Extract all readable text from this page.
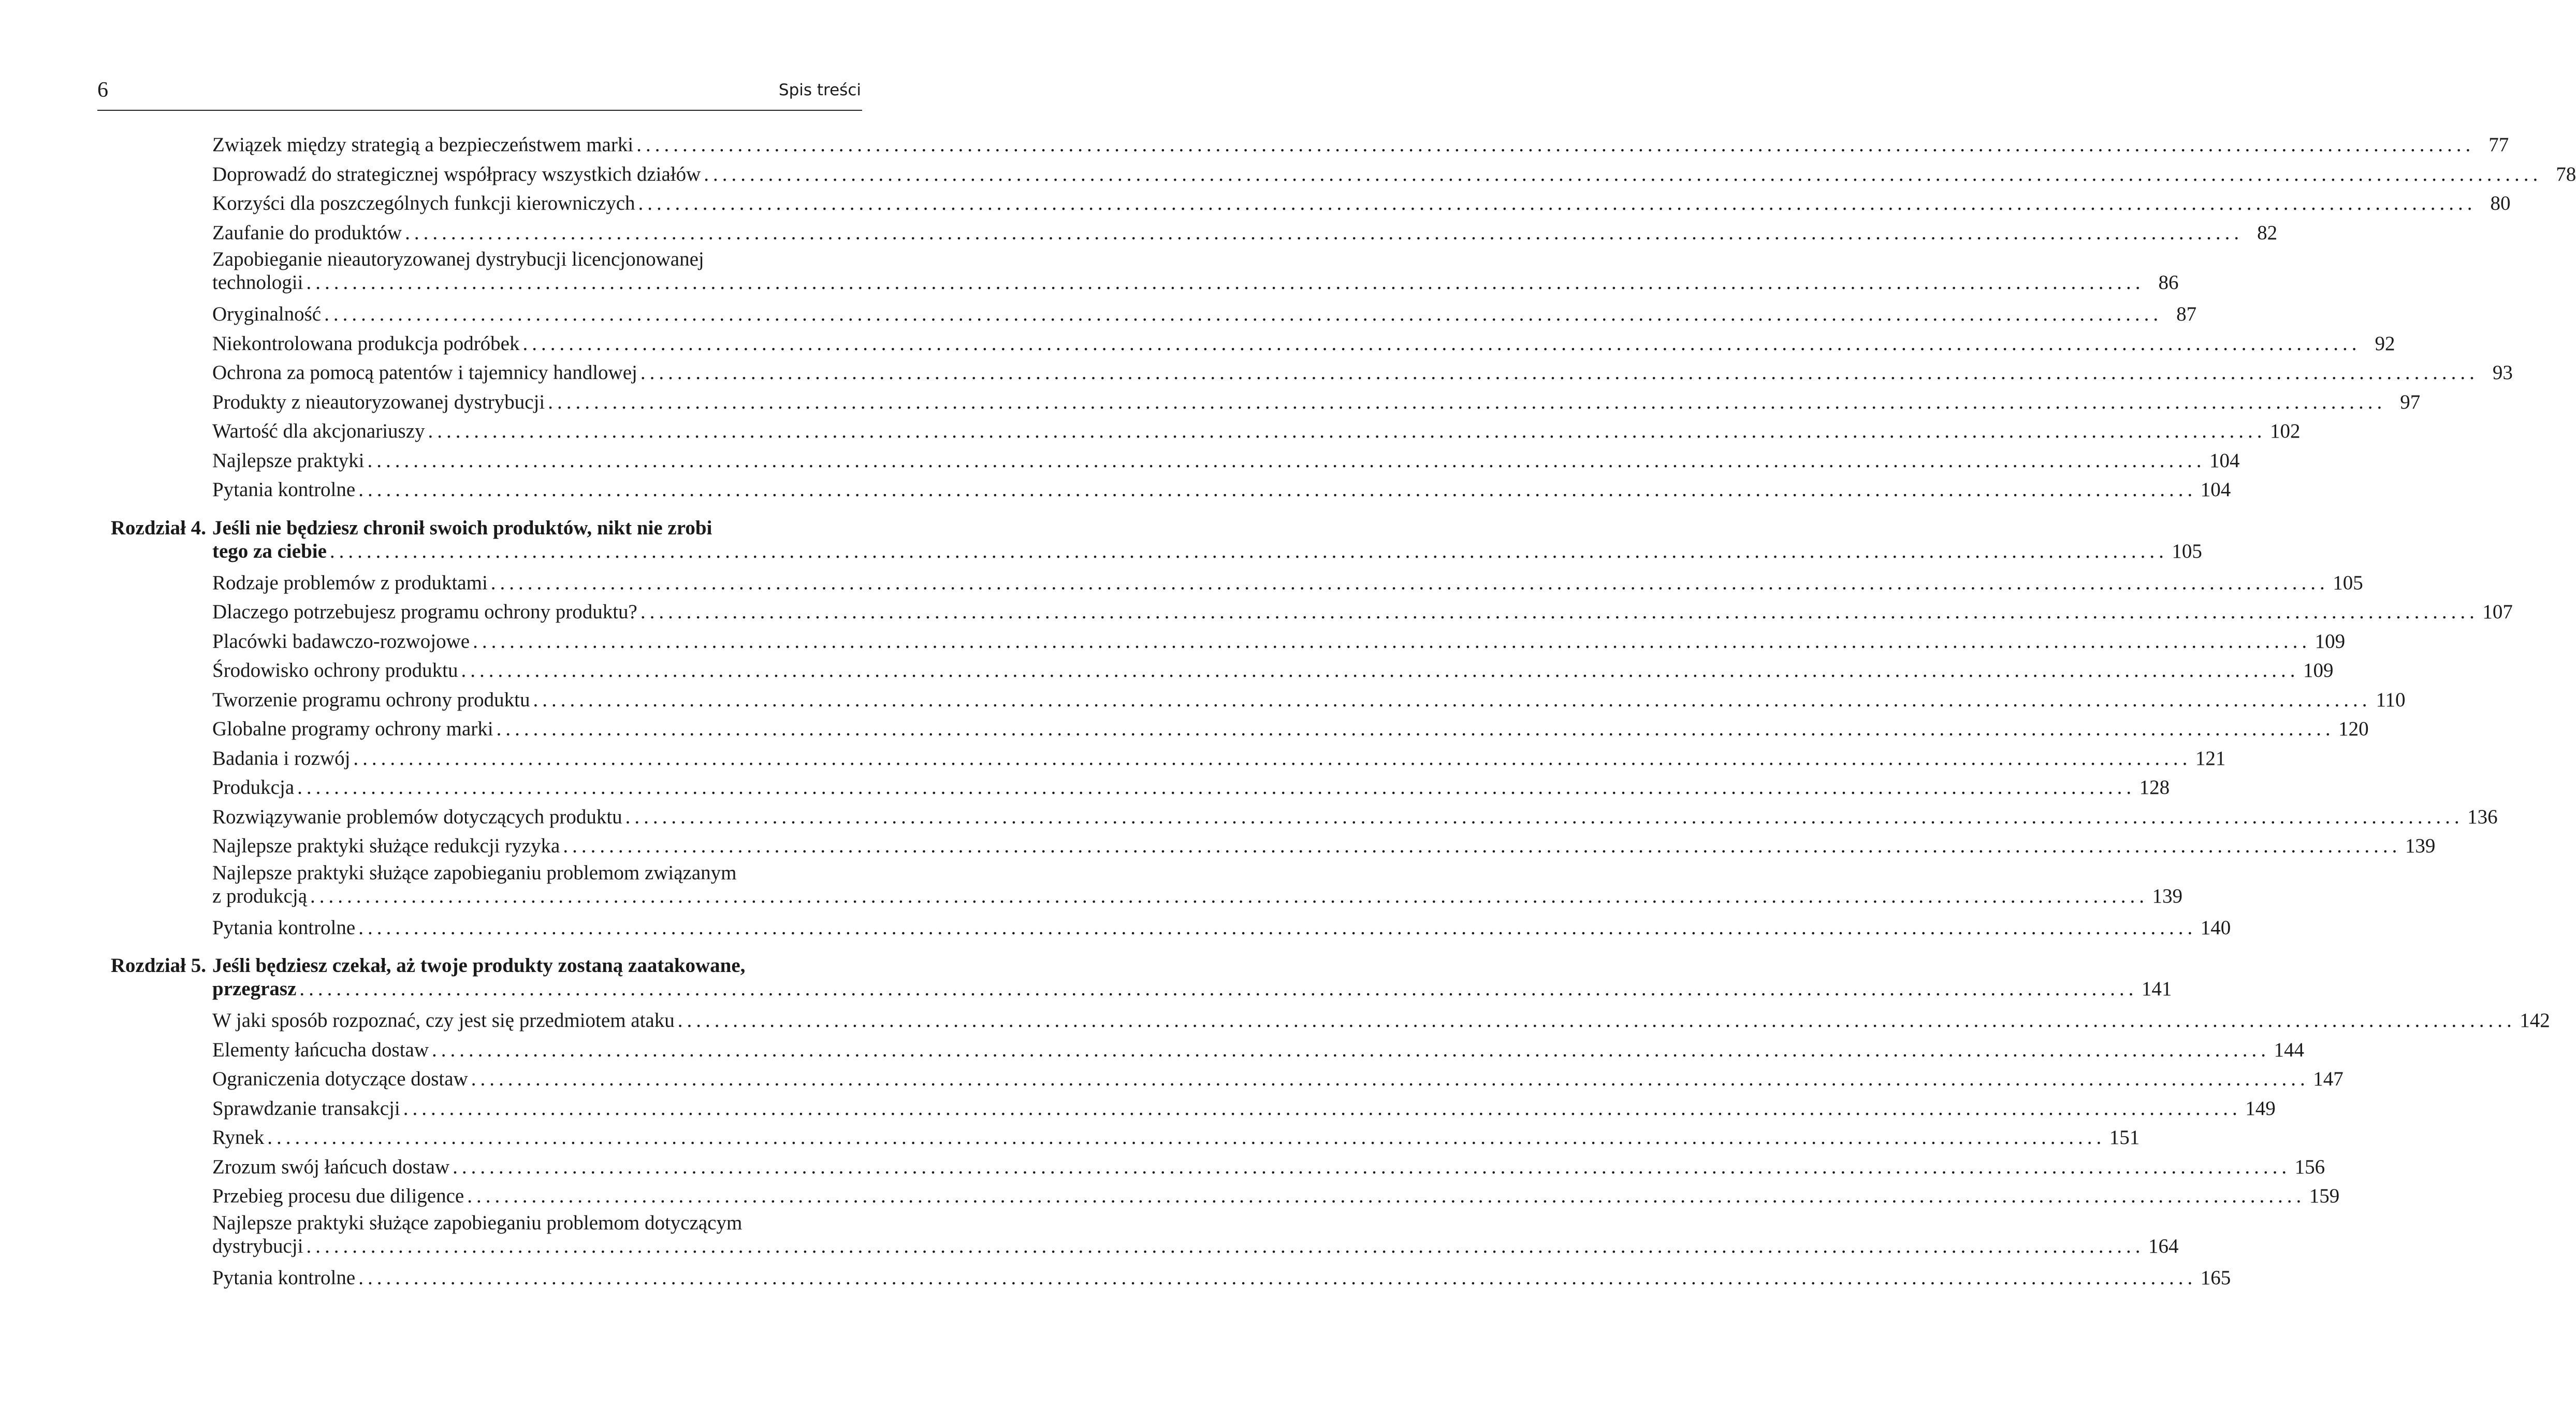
6	Spis treści
Związek między strategią a bezpieczeństwem marki ........................................................................................................................................................................................................ 77
Doprowadź do strategicznej współpracy wszystkich działów ........................................................................................................................................................................................................ 78
Korzyści dla poszczególnych funkcji kierowniczych ........................................................................................................................................................................................................ 80
Zaufanie do produktów ........................................................................................................................................................................................................ 82
Zapobieganie nieautoryzowanej dystrybucji licencjonowanej
technologii ........................................................................................................................................................................................................ 86
Oryginalność ........................................................................................................................................................................................................ 87
Niekontrolowana produkcja podróbek ........................................................................................................................................................................................................ 92
Ochrona za pomocą patentów i tajemnicy handlowej ........................................................................................................................................................................................................ 93
Produkty z nieautoryzowanej dystrybucji ........................................................................................................................................................................................................ 97
Wartość dla akcjonariuszy ........................................................................................................................................................................................................ 102
Najlepsze praktyki ........................................................................................................................................................................................................ 104
Pytania kontrolne ........................................................................................................................................................................................................ 104
Rozdział 4. Jeśli nie będziesz chronił swoich produktów, nikt nie zrobi
tego za ciebie ........................................................................................................................................................................................................ 105
Rodzaje problemów z produktami ........................................................................................................................................................................................................ 105
Dlaczego potrzebujesz programu ochrony produktu? ........................................................................................................................................................................................................ 107
Placówki badawczo-rozwojowe ........................................................................................................................................................................................................ 109
Środowisko ochrony produktu ........................................................................................................................................................................................................ 109
Tworzenie programu ochrony produktu ........................................................................................................................................................................................................ 110
Globalne programy ochrony marki ........................................................................................................................................................................................................ 120
Badania i rozwój ........................................................................................................................................................................................................ 121
Produkcja ........................................................................................................................................................................................................ 128
Rozwiązywanie problemów dotyczących produktu ........................................................................................................................................................................................................ 136
Najlepsze praktyki służące redukcji ryzyka ........................................................................................................................................................................................................ 139
Najlepsze praktyki służące zapobieganiu problemom związanym
z produkcją ........................................................................................................................................................................................................ 139
Pytania kontrolne ........................................................................................................................................................................................................ 140
Rozdział 5. Jeśli będziesz czekał, aż twoje produkty zostaną zaatakowane,
przegrasz ........................................................................................................................................................................................................ 141
W jaki sposób rozpoznać, czy jest się przedmiotem ataku ........................................................................................................................................................................................................ 142
Elementy łańcucha dostaw ........................................................................................................................................................................................................ 144
Ograniczenia dotyczące dostaw ........................................................................................................................................................................................................ 147
Sprawdzanie transakcji ........................................................................................................................................................................................................ 149
Rynek ........................................................................................................................................................................................................ 151
Zrozum swój łańcuch dostaw ........................................................................................................................................................................................................ 156
Przebieg procesu due diligence ........................................................................................................................................................................................................ 159
Najlepsze praktyki służące zapobieganiu problemom dotyczącym
dystrybucji ........................................................................................................................................................................................................ 164
Pytania kontrolne ........................................................................................................................................................................................................ 165
